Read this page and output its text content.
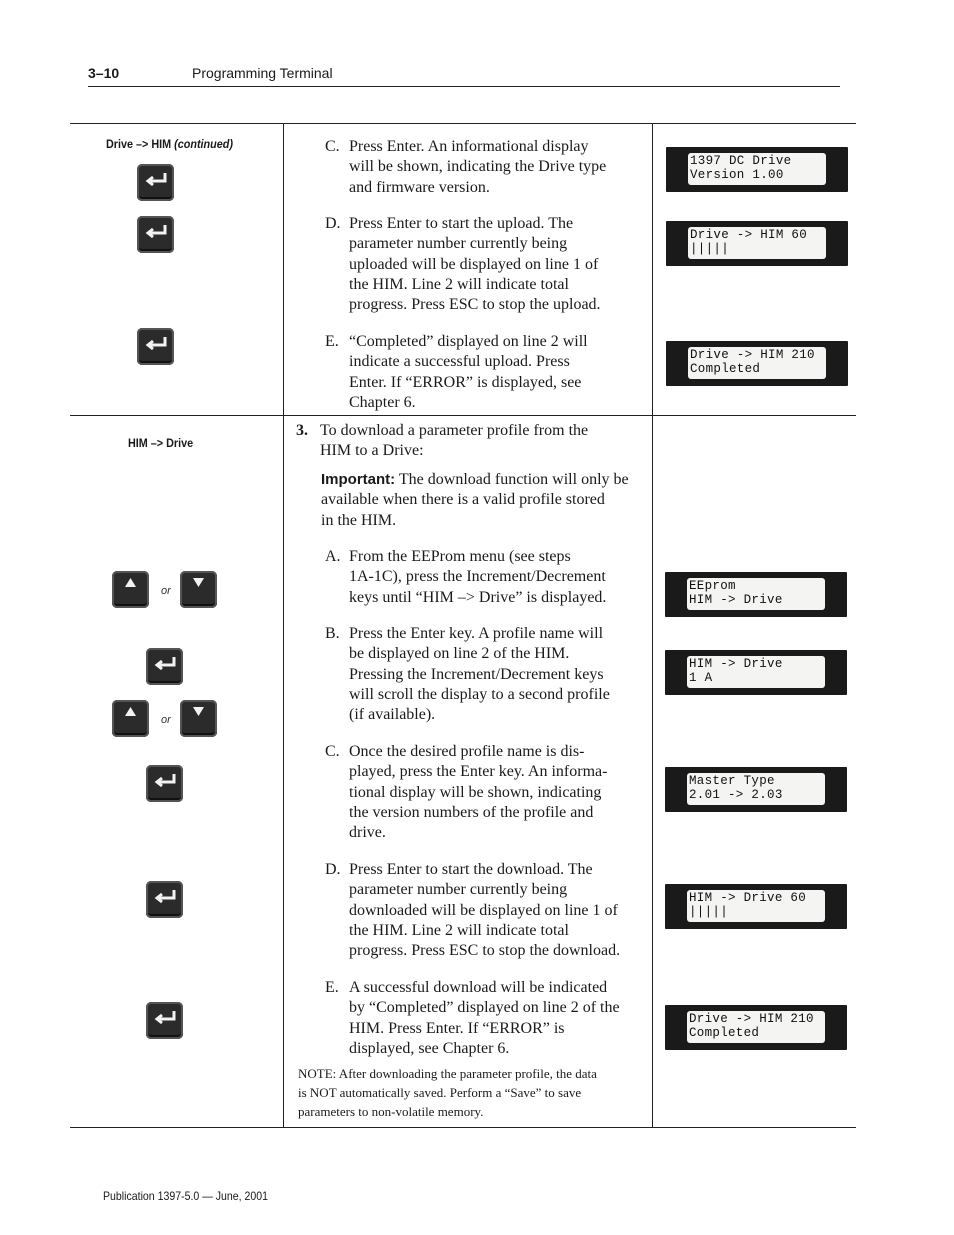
3–10	Programming Terminal
Drive –> HIM (continued)	C. Press Enter. An informational display
will be shown, indicating the Drive type
and firmware version.
D. Press Enter to start the upload. The
parameter number currently being
uploaded will be displayed on line 1 of
the HIM. Line 2 will indicate total
progress. Press ESC to stop the upload.
E. “Completed” displayed on line 2 will
indicate a successful upload. Press
Enter. If “ERROR” is displayed, see
Chapter 6.
1397 DC Drive
Version 1.00
Drive -> HIM 60
|||||
Drive -> HIM 210
Completed
HIM –> Drive
3. To download a parameter profile from the
HIM to a Drive:
Important: The download function will only be
available when there is a valid profile stored
in the HIM.
A. From the EEProm menu (see steps
1A-1C), press the Increment/Decrement
keys until “HIM –> Drive” is displayed.
B. Press the Enter key. A profile name will
be displayed on line 2 of the HIM.
Pressing the Increment/Decrement keys
will scroll the display to a second profile
(if available).
C. Once the desired profile name is dis-
played, press the Enter key. An informa-
tional display will be shown, indicating
the version numbers of the profile and
drive.
D. Press Enter to start the download. The
parameter number currently being
downloaded will be displayed on line 1 of
the HIM. Line 2 will indicate total
progress. Press ESC to stop the download.
E. A successful download will be indicated
by “Completed” displayed on line 2 of the
HIM. Press Enter. If “ERROR” is
displayed, see Chapter 6.
NOTE: After downloading the parameter profile, the data
is NOT automatically saved. Perform a “Save” to save
parameters to non-volatile memory.
or
or
EEprom
HIM -> Drive
HIM -> Drive
1 A
Master Type
2.01 -> 2.03
HIM -> Drive 60
|||||
Drive -> HIM 210
Completed
Publication 1397-5.0 — June, 2001
